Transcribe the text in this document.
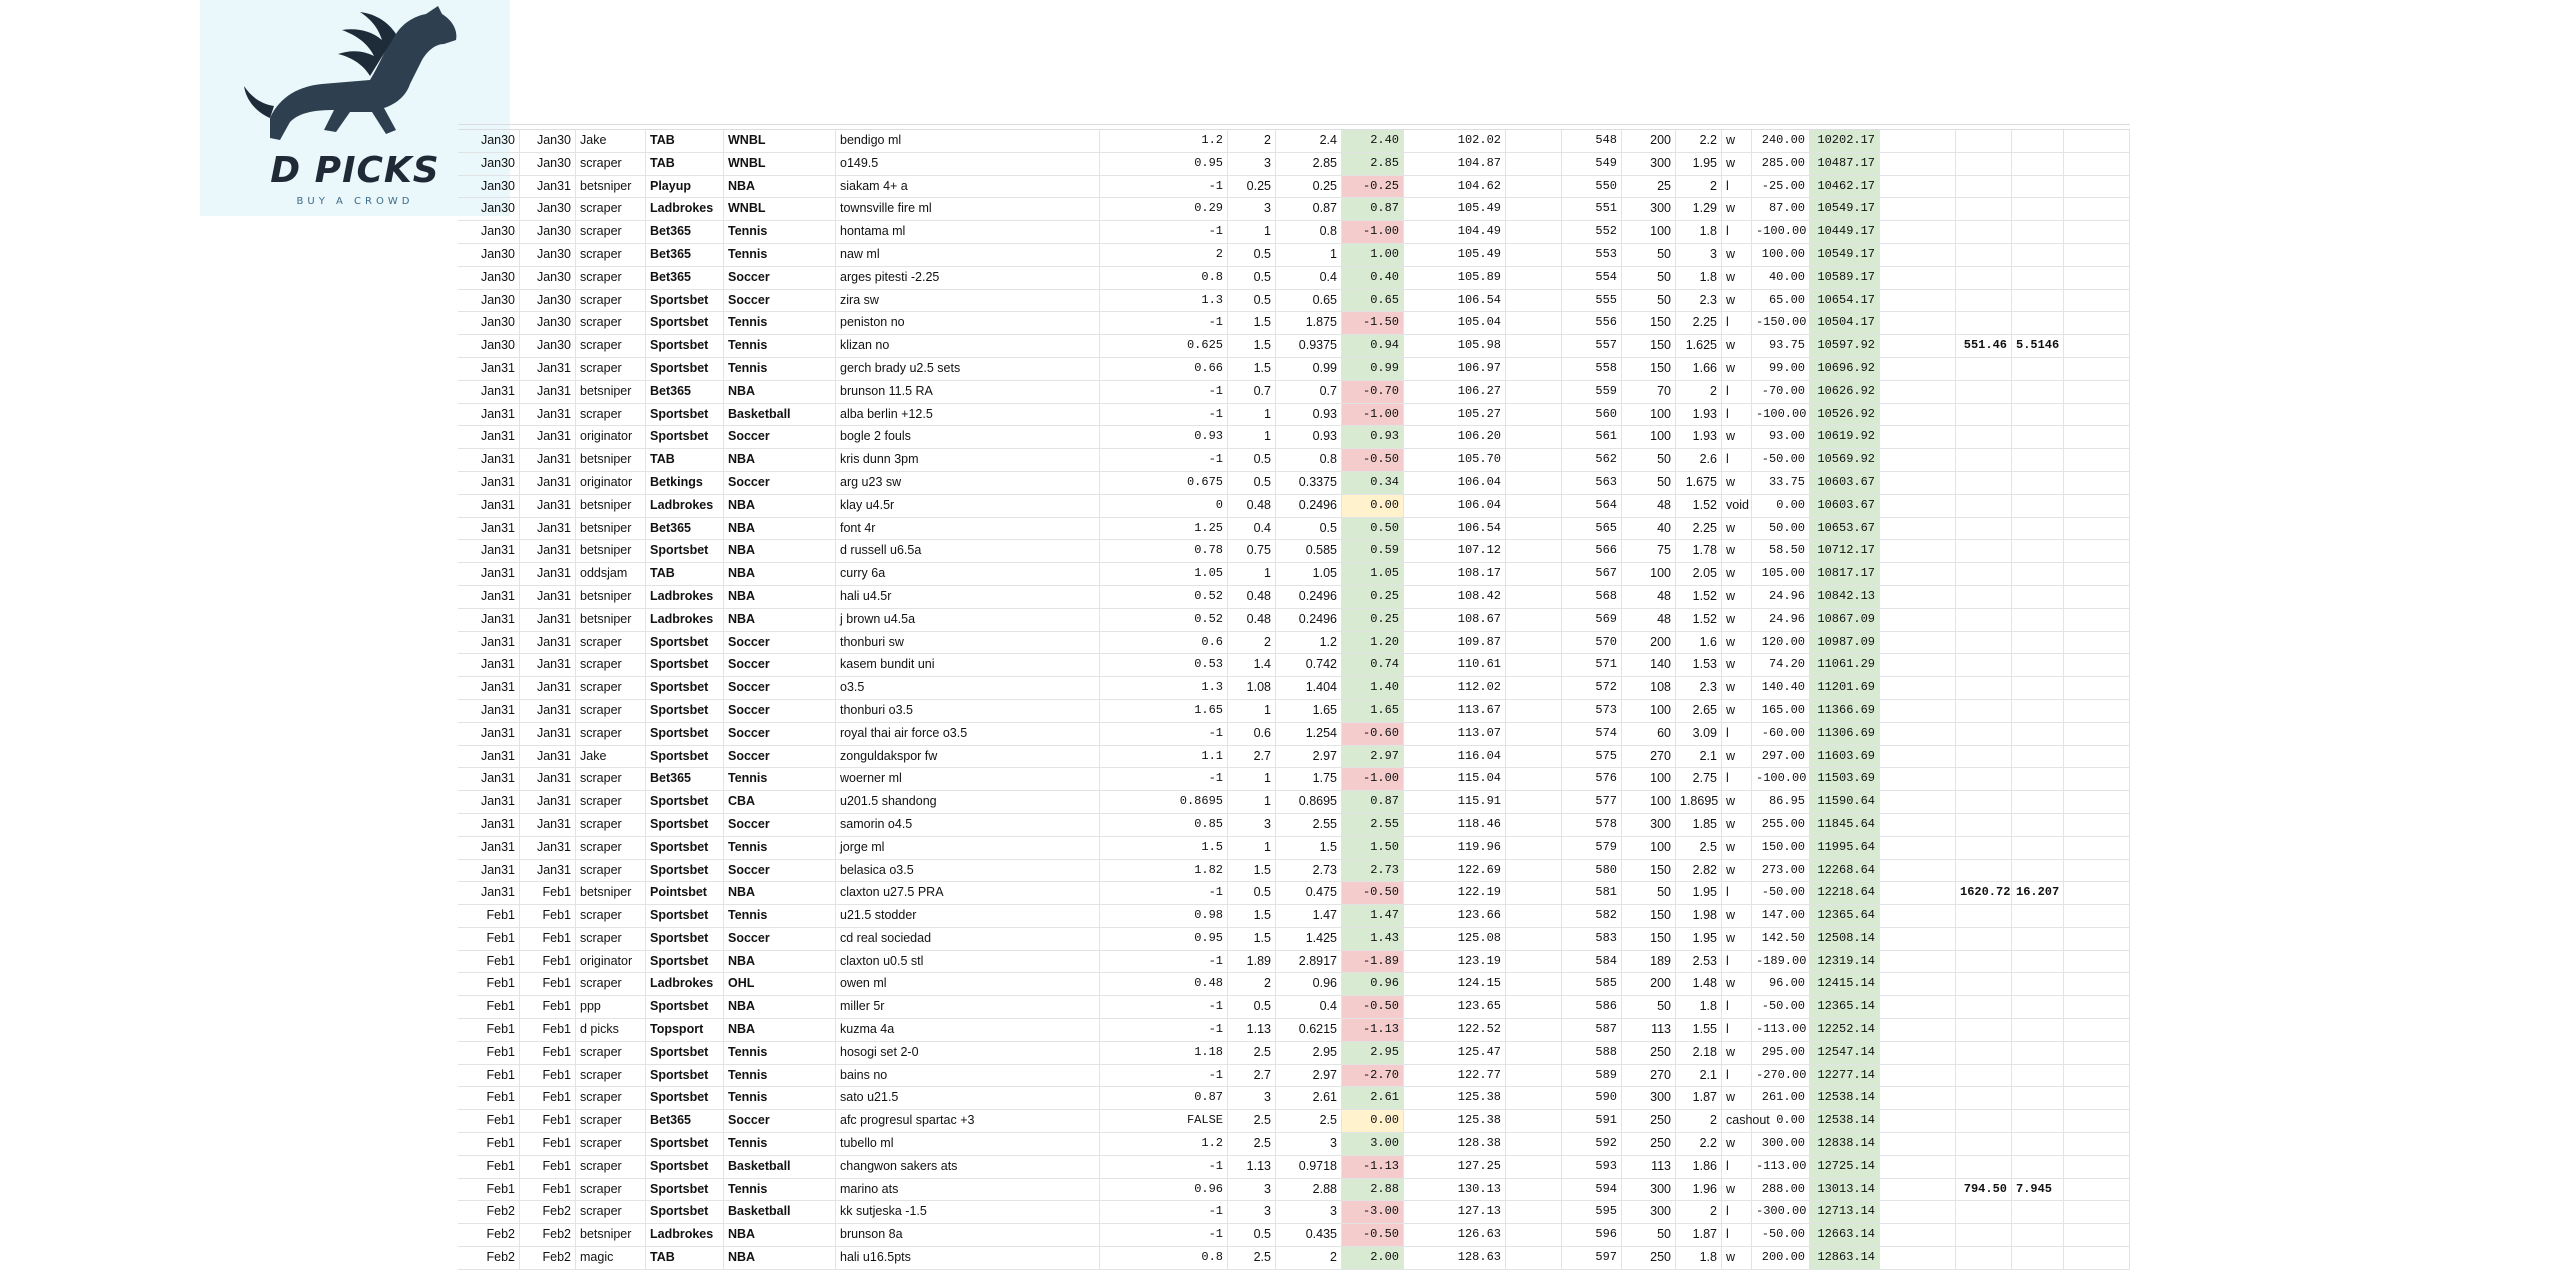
D PICKS
BUY A CROWD
Jan30	Jan30 Jake	TAB	WNBL	bendigo ml	1.2	2	2.4	2.40	102.02	548	200	2.2 w	240.00	10202.17
Jan30	Jan30 scraper	TAB	WNBL	o149.5	0.95	3	2.85	2.85	104.87	549	300	1.95 w	285.00	10487.17
Jan30	Jan31 betsniper	Playup	NBA	siakam 4+ a	-1	0.25	0.25	-0.25	104.62	550	25	2 l	-25.00	10462.17
Jan30	Jan30 scraper	Ladbrokes	WNBL	townsville fire ml	0.29	3	0.87	0.87	105.49	551	300	1.29 w	87.00	10549.17
Jan30	Jan30 scraper	Bet365	Tennis	hontama ml	-1	1	0.8	-1.00	104.49	552	100	1.8 l	-100.00 10449.17
Jan30	Jan30 scraper	Bet365	Tennis	naw ml	2	0.5	1	1.00	105.49	553	50	3 w	100.00	10549.17
Jan30	Jan30 scraper	Bet365	Soccer	arges pitesti -2.25	0.8	0.5	0.4	0.40	105.89	554	50	1.8 w	40.00	10589.17
Jan30	Jan30 scraper	Sportsbet	Soccer	zira sw	1.3	0.5	0.65	0.65	106.54	555	50	2.3 w	65.00	10654.17
Jan30	Jan30 scraper	Sportsbet	Tennis	peniston no	-1	1.5	1.875	-1.50	105.04	556	150	2.25 l	-150.00 10504.17
Jan30	Jan30 scraper	Sportsbet	Tennis	klizan no	0.625	1.5	0.9375	0.94	105.98	557	150	1.625 w	93.75	10597.92	551.46 5.5146
Jan31	Jan31 scraper	Sportsbet	Tennis	gerch brady u2.5 sets	0.66	1.5	0.99	0.99	106.97	558	150	1.66 w	99.00	10696.92
Jan31	Jan31 betsniper	Bet365	NBA	brunson 11.5 RA	-1	0.7	0.7	-0.70	106.27	559	70	2 l	-70.00	10626.92
Jan31	Jan31 scraper	Sportsbet	Basketball	alba berlin +12.5	-1	1	0.93	-1.00	105.27	560	100	1.93 l	-100.00 10526.92
Jan31	Jan31 originator	Sportsbet	Soccer	bogle 2 fouls	0.93	1	0.93	0.93	106.20	561	100	1.93 w	93.00	10619.92
Jan31	Jan31 betsniper	TAB	NBA	kris dunn 3pm	-1	0.5	0.8	-0.50	105.70	562	50	2.6 l	-50.00	10569.92
Jan31	Jan31 originator	Betkings	Soccer	arg u23 sw	0.675	0.5	0.3375	0.34	106.04	563	50	1.675 w	33.75	10603.67
Jan31	Jan31 betsniper	Ladbrokes	NBA	klay u4.5r	0	0.48	0.2496	0.00	106.04	564	48	1.52 void	0.00	10603.67
Jan31	Jan31 betsniper	Bet365	NBA	font 4r	1.25	0.4	0.5	0.50	106.54	565	40	2.25 w	50.00	10653.67
Jan31	Jan31 betsniper	Sportsbet	NBA	d russell u6.5a	0.78	0.75	0.585	0.59	107.12	566	75	1.78 w	58.50	10712.17
Jan31	Jan31 oddsjam	TAB	NBA	curry 6a	1.05	1	1.05	1.05	108.17	567	100	2.05 w	105.00	10817.17
Jan31	Jan31 betsniper	Ladbrokes	NBA	hali u4.5r	0.52	0.48	0.2496	0.25	108.42	568	48	1.52 w	24.96	10842.13
Jan31	Jan31 betsniper	Ladbrokes	NBA	j brown u4.5a	0.52	0.48	0.2496	0.25	108.67	569	48	1.52 w	24.96	10867.09
Jan31	Jan31 scraper	Sportsbet	Soccer	thonburi sw	0.6	2	1.2	1.20	109.87	570	200	1.6 w	120.00	10987.09
Jan31	Jan31 scraper	Sportsbet	Soccer	kasem bundit uni	0.53	1.4	0.742	0.74	110.61	571	140	1.53 w	74.20	11061.29
Jan31	Jan31 scraper	Sportsbet	Soccer	o3.5	1.3	1.08	1.404	1.40	112.02	572	108	2.3 w	140.40	11201.69
Jan31	Jan31 scraper	Sportsbet	Soccer	thonburi o3.5	1.65	1	1.65	1.65	113.67	573	100	2.65 w	165.00	11366.69
Jan31	Jan31 scraper	Sportsbet	Soccer	royal thai air force o3.5	-1	0.6	1.254	-0.60	113.07	574	60	3.09 l	-60.00	11306.69
Jan31	Jan31 Jake	Sportsbet	Soccer	zonguldakspor fw	1.1	2.7	2.97	2.97	116.04	575	270	2.1 w	297.00	11603.69
Jan31	Jan31 scraper	Bet365	Tennis	woerner ml	-1	1	1.75	-1.00	115.04	576	100	2.75 l	-100.00 11503.69
Jan31	Jan31 scraper	Sportsbet	CBA	u201.5 shandong	0.8695	1	0.8695	0.87	115.91	577	100 1.8695 w	86.95	11590.64
Jan31	Jan31 scraper	Sportsbet	Soccer	samorin o4.5	0.85	3	2.55	2.55	118.46	578	300	1.85 w	255.00	11845.64
Jan31	Jan31 scraper	Sportsbet	Tennis	jorge ml	1.5	1	1.5	1.50	119.96	579	100	2.5 w	150.00	11995.64
Jan31	Jan31 scraper	Sportsbet	Soccer	belasica o3.5	1.82	1.5	2.73	2.73	122.69	580	150	2.82 w	273.00	12268.64
Jan31	Feb1 betsniper	Pointsbet	NBA	claxton u27.5 PRA	-1	0.5	0.475	-0.50	122.19	581	50	1.95 l	-50.00	12218.64	1620.72 16.207
Feb1	Feb1 scraper	Sportsbet	Tennis	u21.5 stodder	0.98	1.5	1.47	1.47	123.66	582	150	1.98 w	147.00	12365.64
Feb1	Feb1 scraper	Sportsbet	Soccer	cd real sociedad	0.95	1.5	1.425	1.43	125.08	583	150	1.95 w	142.50	12508.14
Feb1	Feb1 originator	Sportsbet	NBA	claxton u0.5 stl	-1	1.89	2.8917	-1.89	123.19	584	189	2.53 l	-189.00 12319.14
Feb1	Feb1 scraper	Ladbrokes	OHL	owen ml	0.48	2	0.96	0.96	124.15	585	200	1.48 w	96.00	12415.14
Feb1	Feb1 ppp	Sportsbet	NBA	miller 5r	-1	0.5	0.4	-0.50	123.65	586	50	1.8 l	-50.00	12365.14
Feb1	Feb1 d picks	Topsport	NBA	kuzma 4a	-1	1.13	0.6215	-1.13	122.52	587	113	1.55 l	-113.00 12252.14
Feb1	Feb1 scraper	Sportsbet	Tennis	hosogi set 2-0	1.18	2.5	2.95	2.95	125.47	588	250	2.18 w	295.00	12547.14
Feb1	Feb1 scraper	Sportsbet	Tennis	bains no	-1	2.7	2.97	-2.70	122.77	589	270	2.1 l	-270.00 12277.14
Feb1	Feb1 scraper	Sportsbet	Tennis	sato u21.5	0.87	3	2.61	2.61	125.38	590	300	1.87 w	261.00	12538.14
Feb1	Feb1 scraper	Bet365	Soccer	afc progresul spartac +3	FALSE	2.5	2.5	0.00	125.38	591	250	2 cashout 0.00	12538.14
Feb1	Feb1 scraper	Sportsbet	Tennis	tubello ml	1.2	2.5	3	3.00	128.38	592	250	2.2 w	300.00	12838.14
Feb1	Feb1 scraper	Sportsbet	Basketball	changwon sakers ats	-1	1.13	0.9718	-1.13	127.25	593	113	1.86 l	-113.00 12725.14
Feb1	Feb1 scraper	Sportsbet	Tennis	marino ats	0.96	3	2.88	2.88	130.13	594	300	1.96 w	288.00	13013.14	794.50 7.945
Feb2	Feb2 scraper	Sportsbet	Basketball	kk sutjeska -1.5	-1	3	3	-3.00	127.13	595	300	2 l	-300.00 12713.14
Feb2	Feb2 betsniper	Ladbrokes	NBA	brunson 8a	-1	0.5	0.435	-0.50	126.63	596	50	1.87 l	-50.00	12663.14
Feb2	Feb2 magic	TAB	NBA	hali u16.5pts	0.8	2.5	2	2.00	128.63	597	250	1.8 w	200.00	12863.14
